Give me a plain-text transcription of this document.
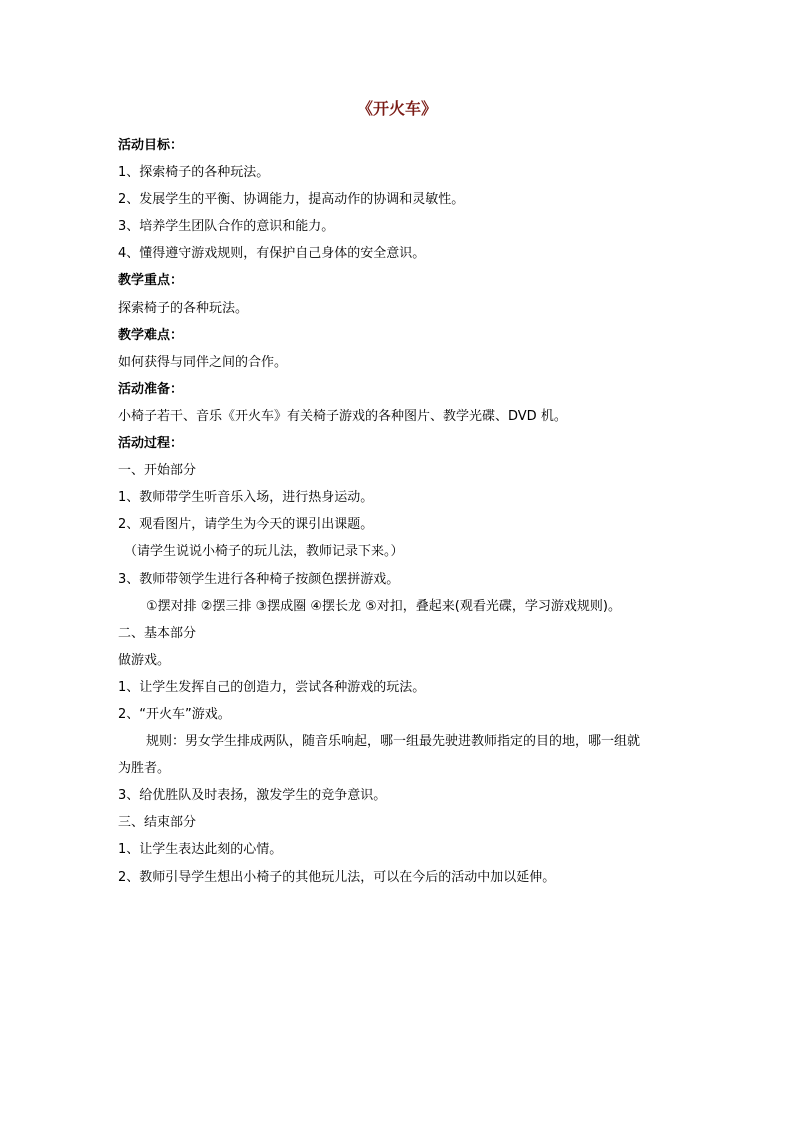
《开火车》
活动目标：
1、探索椅子的各种玩法。
2、发展学生的平衡、协调能力，提高动作的协调和灵敏性。
3、培养学生团队合作的意识和能力。
4、懂得遵守游戏规则，有保护自己身体的安全意识。
教学重点：
探索椅子的各种玩法。
教学难点：
如何获得与同伴之间的合作。
活动准备：
小椅子若干、音乐《开火车》有关椅子游戏的各种图片、教学光碟、DVD 机。
活动过程：
一、开始部分
1、教师带学生听音乐入场，进行热身运动。
2、观看图片，请学生为今天的课引出课题。
（请学生说说小椅子的玩儿法，教师记录下来。）
3、教师带领学生进行各种椅子按颜色摆拼游戏。
①摆对排 ②摆三排 ③摆成圈 ④摆长龙 ⑤对扣，叠起来(观看光碟，学习游戏规则)。
二、基本部分
做游戏。
1、让学生发挥自己的创造力，尝试各种游戏的玩法。
2、“开火车”游戏。
规则：男女学生排成两队，随音乐响起，哪一组最先驶进教师指定的目的地，哪一组就
为胜者。
3、给优胜队及时表扬，激发学生的竞争意识。
三、结束部分
1、让学生表达此刻的心情。
2、教师引导学生想出小椅子的其他玩儿法，可以在今后的活动中加以延伸。
